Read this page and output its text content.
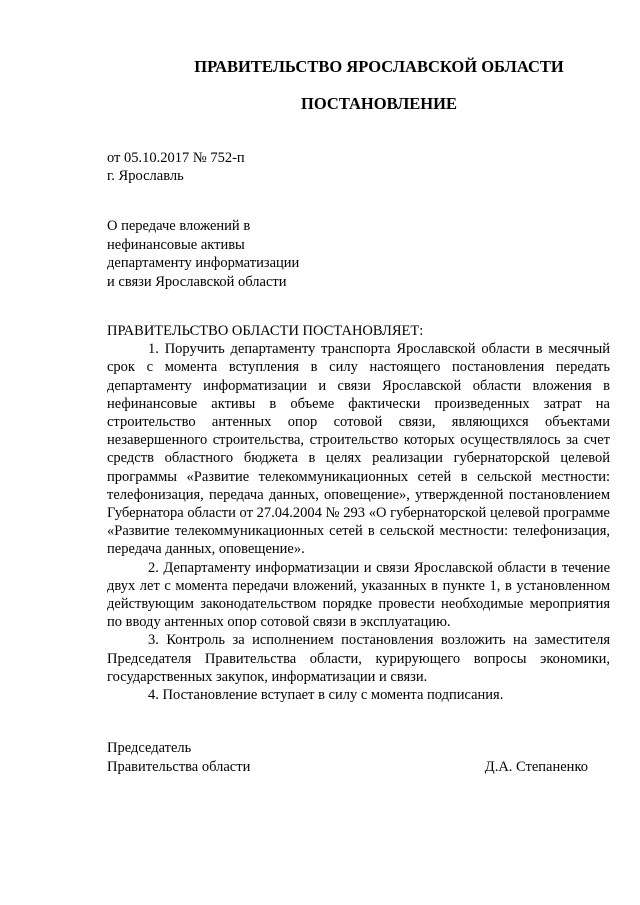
ПРАВИТЕЛЬСТВО ЯРОСЛАВСКОЙ ОБЛАСТИ
ПОСТАНОВЛЕНИЕ
от 05.10.2017 № 752-п
г. Ярославль
О передаче вложений в
нефинансовые активы
департаменту информатизации
и связи Ярославской области
ПРАВИТЕЛЬСТВО ОБЛАСТИ ПОСТАНОВЛЯЕТ:

1. Поручить департаменту транспорта Ярославской области в месячный срок с момента вступления в силу настоящего постановления передать департаменту информатизации и связи Ярославской области вложения в нефинансовые активы в объеме фактически произведенных затрат на строительство антенных опор сотовой связи, являющихся объектами незавершенного строительства, строительство которых осуществлялось за счет средств областного бюджета в целях реализации губернаторской целевой программы «Развитие телекоммуникационных сетей в сельской местности: телефонизация, передача данных, оповещение», утвержденной постановлением Губернатора области от 27.04.2004 № 293 «О губернаторской целевой программе «Развитие телекоммуникационных сетей в сельской местности: телефонизация, передача данных, оповещение».

2. Департаменту информатизации и связи Ярославской области в течение двух лет с момента передачи вложений, указанных в пункте 1, в установленном действующим законодательством порядке провести необходимые мероприятия по вводу антенных опор сотовой связи в эксплуатацию.

3. Контроль за исполнением постановления возложить на заместителя Председателя Правительства области, курирующего вопросы экономики, государственных закупок, информатизации и связи.

4. Постановление вступает в силу с момента подписания.

Председатель
Правительства области	Д.А. Степаненко
